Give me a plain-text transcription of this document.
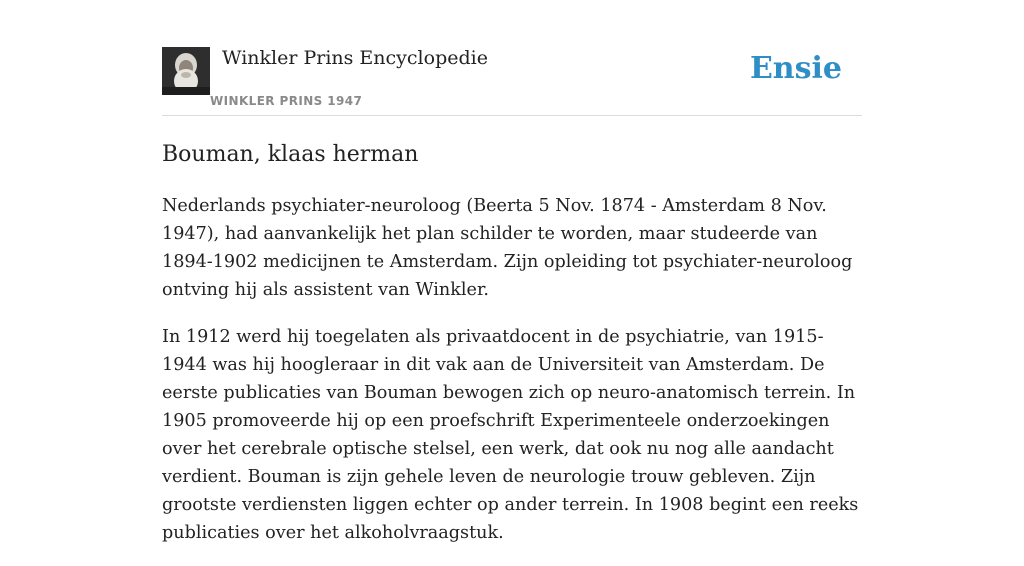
Winkler Prins Encyclopedie
WINKLER PRINS 1947
Ensie
Bouman, klaas herman

Nederlands psychiater-neuroloog (Beerta 5 Nov. 1874 - Amsterdam 8 Nov. 1947), had aanvankelijk het plan schilder te worden, maar studeerde van 1894-1902 medicijnen te Amsterdam. Zijn opleiding tot psychiater-neuroloog ontving hij als assistent van Winkler.

In 1912 werd hij toegelaten als privaatdocent in de psychiatrie, van 1915-1944 was hij hoogleraar in dit vak aan de Universiteit van Amsterdam. De eerste publicaties van Bouman bewogen zich op neuro-anatomisch terrein. In 1905 promoveerde hij op een proefschrift Experimenteele onderzoekingen over het cerebrale optische stelsel, een werk, dat ook nu nog alle aandacht verdient. Bouman is zijn gehele leven de neurologie trouw gebleven. Zijn grootste verdiensten liggen echter op ander terrein. In 1908 begint een reeks publicaties over het alkoholvraagstuk.
